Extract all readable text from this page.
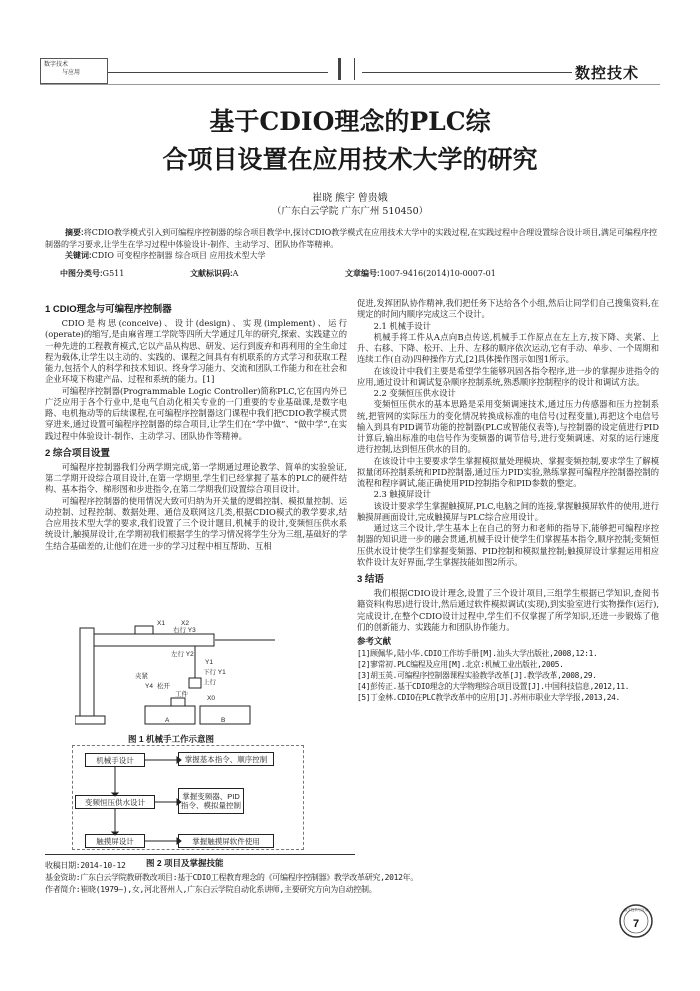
数字技术
与应用	数控技术
基于CDIO理念的PLC综
合项目设置在应用技术大学的研究
崔晓 熊宇 曾贵娥
（广东白云学院 广东广州 510450）
摘要:将CDIO教学模式引入到可编程序控制器的综合项目教学中,探讨CDIO教学模式在应用技术大学中的实践过程,在实践过程中合理设置综合设计项目,满足可编程序控制器的学习要求,让学生在学习过程中体验设计-制作、主动学习、团队协作等精神。
关键词:CDIO 可变程序控制器 综合项目 应用技术型大学
中图分类号:G511	文献标识码:A	文章编号:1007-9416(2014)10-0007-01
1 CDIO理念与可编程序控制器

CDIO是构思(conceive)、设计(design)、实现(implement)、运行(operate)的缩写,是由麻省理工学院等四所大学通过几年的研究,探索、实践建立的一种先进的工程教育模式,它以产品从构思、研发、运行到废弃和再利用的全生命过程为载体,让学生以主动的、实践的、课程之间具有有机联系的方式学习和获取工程能力,包括个人的科学和技术知识、终身学习能力、交流和团队工作能力和在社会和企业环境下构建产品、过程和系统的能力。[1]

可编程序控制器(Programmable Logic Controller)简称PLC,它在国内外已广泛应用于各个行业中,是电气自动化相关专业的一门重要的专业基础课,是数字电路、电机拖动等的后续课程,在可编程序控制器这门课程中我们把CDIO教学模式贯穿进来,通过设置可编程序控制器的综合项目,让学生们在“学中做”、“做中学”,在实践过程中体验设计-制作、主动学习、团队协作等精神。

2 综合项目设置

可编程序控制器我们分两学期完成,第一学期通过理论教学、简单的实验验证,第二学期开设综合项目设计,在第一学期里,学生们已经掌握了基本的PLC的硬件结构、基本指令、梯形图和步进指令,在第二学期我们设置综合项目设计。

可编程序控制器的使用情况大致可归纳为开关量的逻辑控制、模拟量控制、运动控制、过程控制、数据处理、通信及联网这几类,根据CDIO模式的教学要求,结合应用技术型大学的要求,我们设置了三个设计题目,机械手的设计,变频恒压供水系统设计,触摸屏设计,在学期初我们根据学生的学习情况将学生分为三组,基础好的学生结合基础差的,让他们在进一步的学习过程中相互帮助、互相

X1 X2
右行 Y3
左行 Y2
Y1
下行 Y1
上行
夹紧
Y4 松开
工件
A	B
X0
图 1 机械手工作示意图
机械手设计
变频恒压供水设计
触摸屏设计
掌握基本指令、顺序控制
掌握变频器、PID指令、模拟量控制
掌握触摸屏软件使用

促进,发挥团队协作精神,我们把任务下达给各个小组,然后让同学们自己搜集资料,在规定的时间内顺序完成这三个设计。

2.1 机械手设计

机械手将工件从A点向B点传送,机械手工作原点在左上方,按下降、夹紧、上升、右移、下降、松开、上升、左移的顺序依次运动,它有手动、单步、一个周期和连续工作(自动)四种操作方式,[2]具体操作图示如图1所示。

在该设计中我们主要是希望学生能够巩固各指令程序,进一步的掌握步进指令的应用,通过设计和调试复杂顺序控制系统,熟悉顺序控制程序的设计和调试方法。

2.2 变频恒压供水设计

变频恒压供水的基本思路是采用变频调速技术,通过压力传感器和压力控制系统,把管网的实际压力的变化情况转换成标准的电信号(过程变量),再把这个电信号输入到具有PID调节功能的控制器(PLC或智能仪表等),与控制器的设定值进行PID计算后,输出标准的电信号作为变频器的调节信号,进行变频调速、对泵的运行速度进行控制,达到恒压供水的目的。

在该设计中主要要求学生掌握模拟量处理模块、掌握变频控制,要求学生了解模拟量闭环控制系统和PID控制器,通过压力PID实验,熟练掌握可编程序控制器控制的流程和程序调试,能正确使用PID控制指令和PID参数的整定。

2.3 触摸屏设计

该设计要求学生掌握触摸屏,PLC,电脑之间的连接,掌握触摸屏软件的使用,进行触摸屏画面设计,完成触摸屏与PLC综合应用设计。

通过这三个设计,学生基本上在自己的努力和老师的指导下,能够把可编程序控制器的知识进一步的融会贯通,机械手设计使学生们掌握基本指令,顺序控制;变频恒压供水设计使学生们掌握变频器、PID控制和模拟量控制;触摸屏设计掌握运用相应软件设计友好界面,学生掌握技能如图2所示。

3 结语

我们根据CDIO设计理念,设置了三个设计项目,三组学生根据已学知识,查阅书籍资料(构思)进行设计,然后通过软件模拟调试(实现),到实验室进行实物操作(运行),完成设计,在整个CDIO设计过程中,学生们不仅掌握了所学知识,还进一步锻炼了他们的创新能力、实践能力和团队协作能力。

参考文献

[1]顾佩华,陆小华.CDIO工作坊手册[M].汕头大学出版社,2008,12:1.

[2]寥常初.PLC编程及应用[M].北京:机械工业出版社,2005.

[3]胡玉英.可编程序控制器课程实验教学改革[J].教学改革,2008,29.

[4]彭传正.基于CDIO理念的大学物理综合项目设置[J].中国科技信息,2012,11.

[5]丁金林.CDIO在PLC教学改革中的应用[J].苏州市职业大学学报,2013,24.

收稿日期:2014-10-12
基金资助:广东白云学院教研教改项目:基于CDIO工程教育理念的《可编程序控制器》教学改革研究,2012年。
作者简介:崔晓(1979—),女,河北晋州人,广东白云学院自动化系讲师,主要研究方向为自动控制。
数字技术与应用
7
图 2 项目及掌握技能
